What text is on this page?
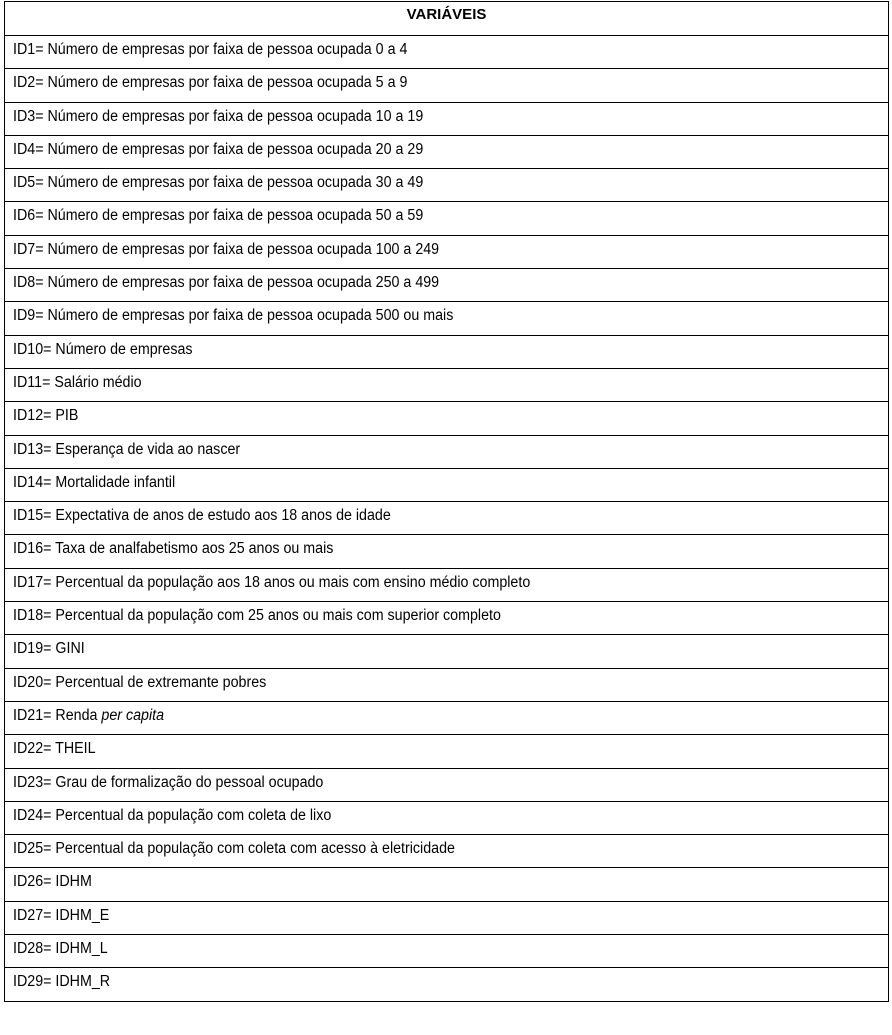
VARIÁVEIS
ID1= Número de empresas por faixa de pessoa ocupada 0 a 4
ID2= Número de empresas por faixa de pessoa ocupada 5 a 9
ID3= Número de empresas por faixa de pessoa ocupada 10 a 19
ID4= Número de empresas por faixa de pessoa ocupada 20 a 29
ID5= Número de empresas por faixa de pessoa ocupada 30 a 49
ID6= Número de empresas por faixa de pessoa ocupada 50 a 59
ID7= Número de empresas por faixa de pessoa ocupada 100 a 249
ID8= Número de empresas por faixa de pessoa ocupada 250 a 499
ID9= Número de empresas por faixa de pessoa ocupada 500 ou mais
ID10= Número de empresas
ID11= Salário médio
ID12= PIB
ID13= Esperança de vida ao nascer
ID14= Mortalidade infantil
ID15= Expectativa de anos de estudo aos 18 anos de idade
ID16= Taxa de analfabetismo aos 25 anos ou mais
ID17= Percentual da população aos 18 anos ou mais com ensino médio completo
ID18= Percentual da população com 25 anos ou mais com superior completo
ID19= GINI
ID20= Percentual de extremante pobres
ID21= Renda per capita
ID22= THEIL
ID23= Grau de formalização do pessoal ocupado
ID24= Percentual da população com coleta de lixo
ID25= Percentual da população com coleta com acesso à eletricidade
ID26= IDHM
ID27= IDHM_E
ID28= IDHM_L
ID29= IDHM_R
